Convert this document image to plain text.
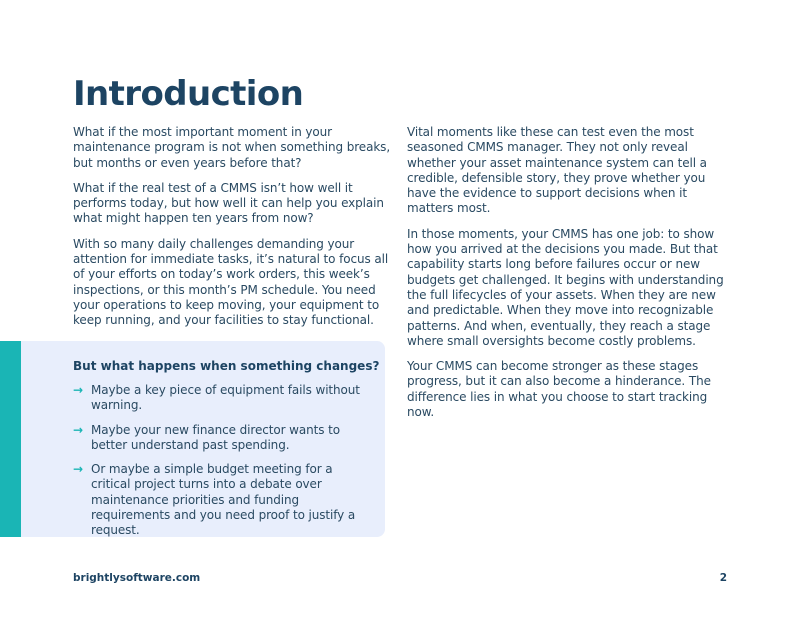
Introduction

What if the most important moment in your maintenance program is not when something breaks, but months or even years before that?

What if the real test of a CMMS isn’t how well it performs today, but how well it can help you explain what might happen ten years from now?

With so many daily challenges demanding your attention for immediate tasks, it’s natural to focus all of your efforts on today’s work orders, this week’s inspections, or this month’s PM schedule. You need your operations to keep moving, your equipment to keep running, and your facilities to stay functional.

But what happens when something changes?

→ Maybe a key piece of equipment fails without warning.
→ Maybe your new finance director wants to better understand past spending.
→ Or maybe a simple budget meeting for a critical project turns into a debate over maintenance priorities and funding requirements and you need proof to justify a request.

Vital moments like these can test even the most seasoned CMMS manager. They not only reveal whether your asset maintenance system can tell a credible, defensible story, they prove whether you have the evidence to support decisions when it matters most.

In those moments, your CMMS has one job: to show how you arrived at the decisions you made. But that capability starts long before failures occur or new budgets get challenged. It begins with understanding the full lifecycles of your assets. When they are new and predictable. When they move into recognizable patterns. And when, eventually, they reach a stage where small oversights become costly problems.

Your CMMS can become stronger as these stages progress, but it can also become a hinderance. The difference lies in what you choose to start tracking now.

brightlysoftware.com	2
